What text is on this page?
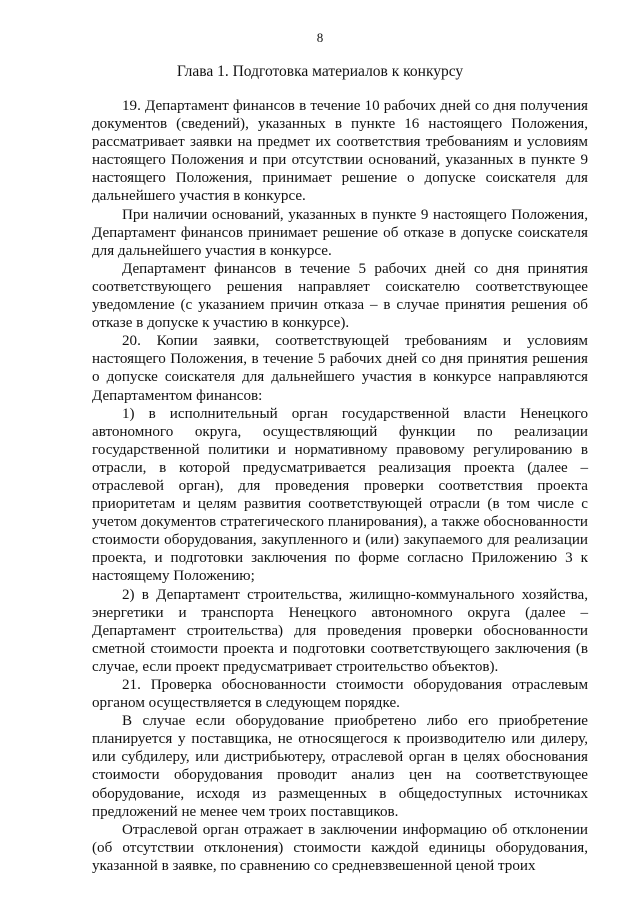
8
Глава 1. Подготовка материалов к конкурсу

19. Департамент финансов в течение 10 рабочих дней со дня получения документов (сведений), указанных в пункте 16 настоящего Положения, рассматривает заявки на предмет их соответствия требованиям и условиям настоящего Положения и при отсутствии оснований, указанных в пункте 9 настоящего Положения, принимает решение о допуске соискателя для дальнейшего участия в конкурсе.

При наличии оснований, указанных в пункте 9 настоящего Положения, Департамент финансов принимает решение об отказе в допуске соискателя для дальнейшего участия в конкурсе.

Департамент финансов в течение 5 рабочих дней со дня принятия соответствующего решения направляет соискателю соответствующее уведомление (с указанием причин отказа – в случае принятия решения об отказе в допуске к участию в конкурсе).

20. Копии заявки, соответствующей требованиям и условиям настоящего Положения, в течение 5 рабочих дней со дня принятия решения о допуске соискателя для дальнейшего участия в конкурсе направляются Департаментом финансов:

1) в исполнительный орган государственной власти Ненецкого автономного округа, осуществляющий функции по реализации государственной политики и нормативному правовому регулированию в отрасли, в которой предусматривается реализация проекта (далее – отраслевой орган), для проведения проверки соответствия проекта приоритетам и целям развития соответствующей отрасли (в том числе с учетом документов стратегического планирования), а также обоснованности стоимости оборудования, закупленного и (или) закупаемого для реализации проекта, и подготовки заключения по форме согласно Приложению 3 к настоящему Положению;

2) в Департамент строительства, жилищно-коммунального хозяйства, энергетики и транспорта Ненецкого автономного округа (далее – Департамент строительства) для проведения проверки обоснованности сметной стоимости проекта и подготовки соответствующего заключения (в случае, если проект предусматривает строительство объектов).

21. Проверка обоснованности стоимости оборудования отраслевым органом осуществляется в следующем порядке.

В случае если оборудование приобретено либо его приобретение планируется у поставщика, не относящегося к производителю или дилеру, или субдилеру, или дистрибьютеру, отраслевой орган в целях обоснования стоимости оборудования проводит анализ цен на соответствующее оборудование, исходя из размещенных в общедоступных источниках предложений не менее чем троих поставщиков.

Отраслевой орган отражает в заключении информацию об отклонении (об отсутствии отклонения) стоимости каждой единицы оборудования, указанной в заявке, по сравнению со средневзвешенной ценой троих
